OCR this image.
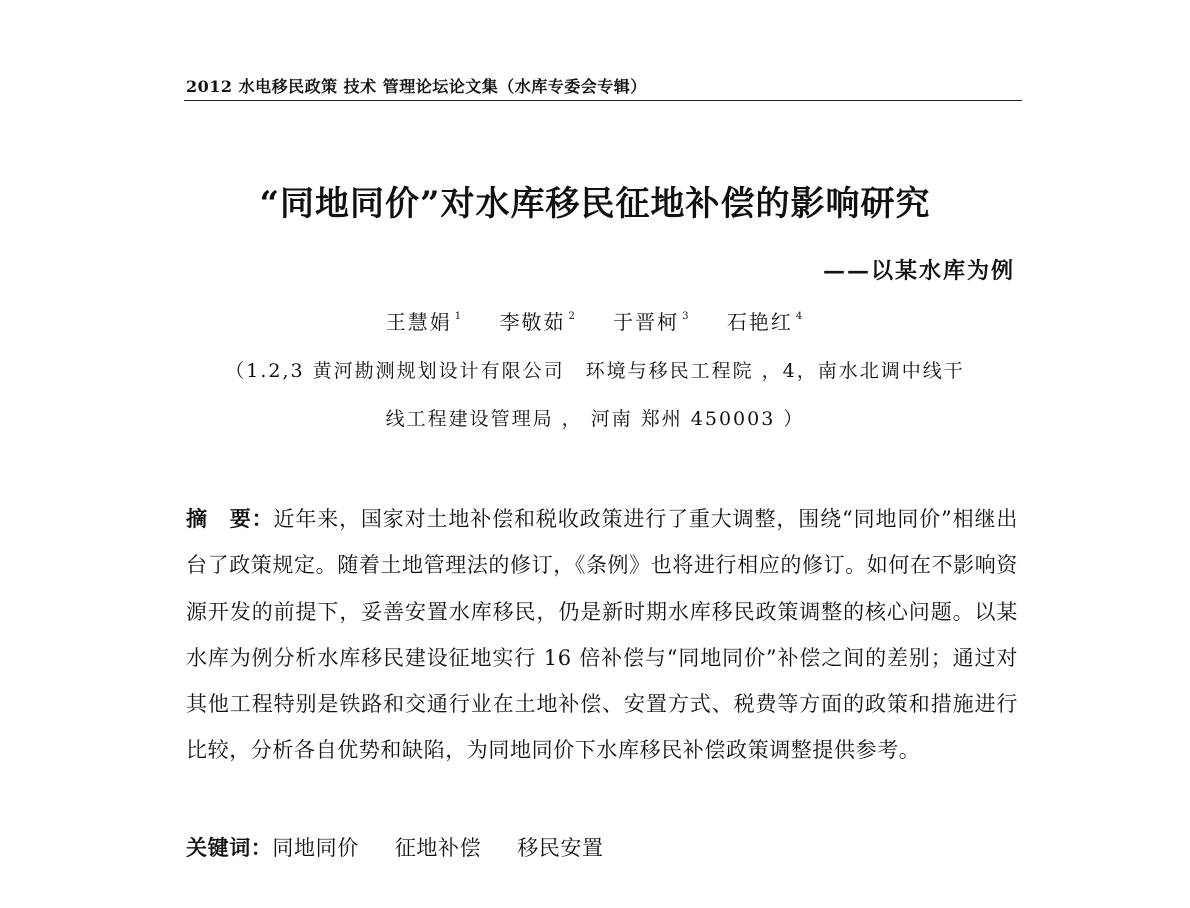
2012 水电移民政策 技术 管理论坛论文集（水库专委会专辑）
“同地同价”对水库移民征地补偿的影响研究
——以某水库为例
王慧娟 $^1$ 李敬茹 $^2$ 于晋柯 $^3$ 石艳红 $^4$
（1.2,3 黄河勘测规划设计有限公司　环境与移民工程院 ，4，南水北调中线干
线工程建设管理局 ， 河南 郑州 450003 ）
摘　要：近年来，国家对土地补偿和税收政策进行了重大调整，围绕“同地同价”相继出台了政策规定。随着土地管理法的修订，《条例》也将进行相应的修订。如何在不影响资源开发的前提下，妥善安置水库移民，仍是新时期水库移民政策调整的核心问题。以某水库为例分析水库移民建设征地实行 16 倍补偿与“同地同价”补偿之间的差别；通过对其他工程特别是铁路和交通行业在土地补偿、安置方式、税费等方面的政策和措施进行比较，分析各自优势和缺陷，为同地同价下水库移民补偿政策调整提供参考。
关键词：同地同价 征地补偿 移民安置
